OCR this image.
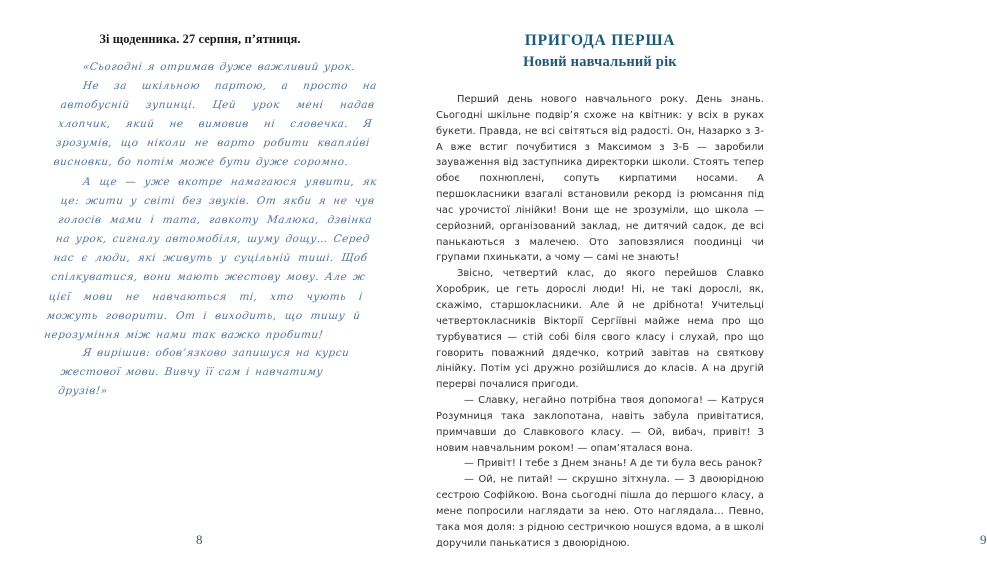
Зі щоденника. 27 серпня, п’ятниця.

«Сьогодні я отримав дуже важливий урок.

Не за шкільною партою, а просто на автобусній зупинці. Цей урок мені надав хлопчик, який не вимовив ні словечка. Я зрозумів, що ніколи не варто робити кваплúві висновки, бо потім може бути дуже соромно.

А ще — уже вкотре намагаюся уявити, як це: жити у світі без звуків. От якби я не чув голосів мами і тата, гавкоту Малюка, дзвінка на урок, сигналу автомобіля, шуму дощу… Серед нас є люди, які живуть у суцільній тиші. Щоб спілкуватися, вони мають жестову мову. Але ж цієї мови не навчаються ті, хто чують і можуть говорити. От і виходить, що тишу й нерозуміння між нами так важко пробити!

Я вирішив: обов’язково запишуся на курси жестової мови. Вивчу її сам і навчатиму друзів!»

8
ПРИГОДА ПЕРША
Новий навчальний рік

Перший день нового навчального року. День знань. Сьогодні шкільне подвір’я схоже на квітник: у всіх в руках букети. Правда, не всі світяться від радості. Он, Назарко з 3-А вже встиг почубитися з Максимом з 3-Б — заробили зауваження від заступника директорки школи. Стоять тепер обоє похнюплені, сопуть кирпатими носами. А першокласники взагалі встановили рекорд із рюмсання під час урочистої лінійки! Вони ще не зрозуміли, що школа — серйозний, організований заклад, не дитячий садок, де всі панькаються з малечею. Ото заповзялися поодинці чи групами пхинькати, а чому — самі не знають!

Звісно, четвертий клас, до якого перейшов Славко Хоробрик, це геть дорослі люди! Ні, не такі дорослі, як, скажімо, старшокласники. Але й не дрібнота! Учительці четвертокласників Вікторії Сергіївні майже нема про що турбуватися — стій собі біля свого класу і слухай, про що говорить поважний дядечко, котрий завітав на святкову лінійку. Потім усі дружно розійшлися до класів. А на другій перерві почалися пригоди.

— Славку, негайно потрібна твоя допомога! — Катруся Розумниця така заклопотана, навіть забула привітатися, примчавши до Славкового класу. — Ой, вибач, привіт! З новим навчальним роком! — опам’яталася вона.

— Привіт! І тебе з Днем знань! А де ти була весь ранок?

— Ой, не питай! — скрушно зітхнула. — З двоюрідною сестрою Софійкою. Вона сьогодні пішла до першого класу, а мене попросили наглядати за нею. Ото наглядала… Певно, така моя доля: з рідною сестричкою ношуся вдома, а в школі доручили панькатися з двоюрідною.	9
